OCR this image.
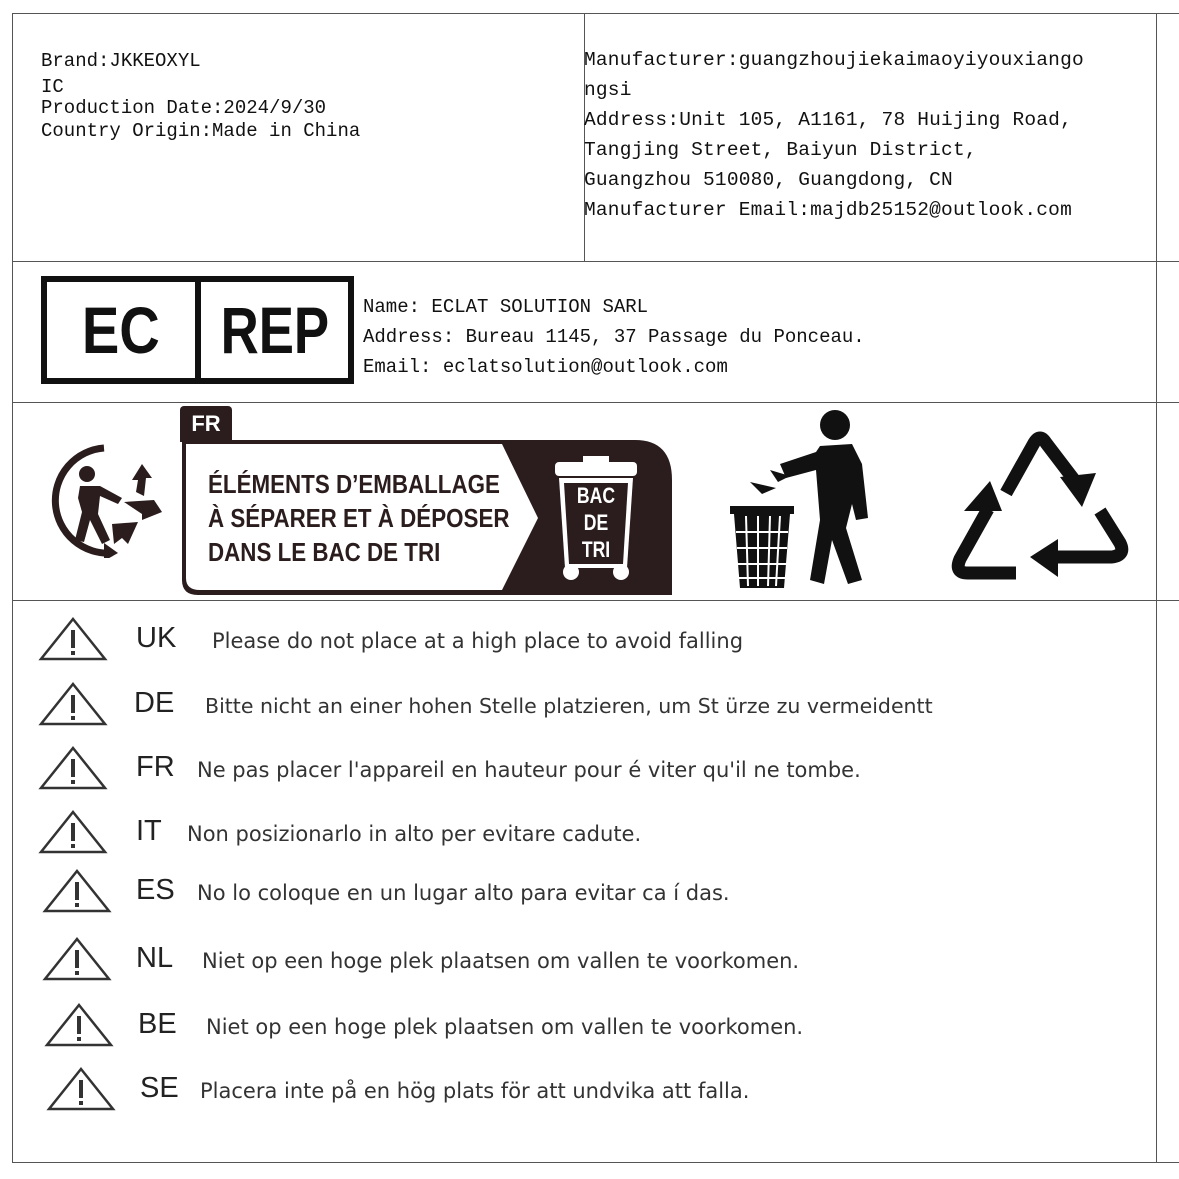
Brand:JKKEOXYL
IC
Production Date:2024/9/30
Country Origin:Made in China
Manufacturer:guangzhoujiekaimaoyiyouxiango
ngsi
Address:Unit 105, A1161, 78 Huijing Road,
Tangjing Street, Baiyun District,
Guangzhou 510080, Guangdong, CN
Manufacturer Email:majdb25152@outlook.com
EC REP Name: ECLAT SOLUTION SARL
Address: Bureau 1145, 37 Passage du Ponceau.
Email: eclatsolution@outlook.com
FR
ÉLÉMENTS D’EMBALLAGE
À SÉPARER ET À DÉPOSER
DANS LE BAC DE TRI
BAC
DE
TRI
UK Please do not place at a high place to avoid falling
DE Bitte nicht an einer hohen Stelle platzieren, um St ürze zu vermeidentt
FR Ne pas placer l'appareil en hauteur pour é viter qu'il ne tombe.
IT Non posizionarlo in alto per evitare cadute.
ES No lo coloque en un lugar alto para evitar ca í das.
NL Niet op een hoge plek plaatsen om vallen te voorkomen.
BE Niet op een hoge plek plaatsen om vallen te voorkomen.
SE Placera inte på en hög plats för att undvika att falla.
